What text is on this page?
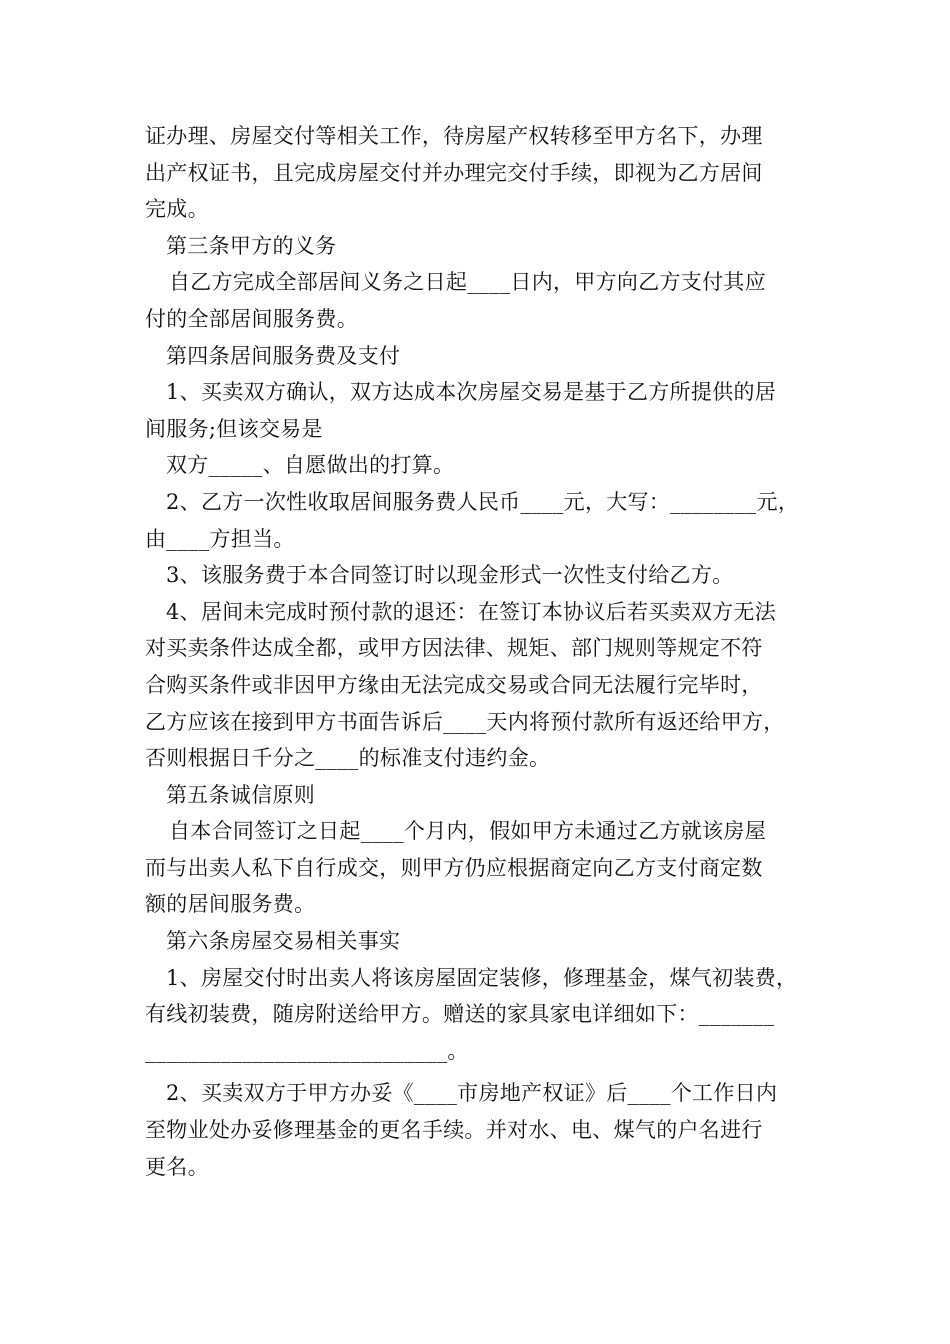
证办理、房屋交付等相关工作，待房屋产权转移至甲方名下，办理
出产权证书，且完成房屋交付并办理完交付手续，即视为乙方居间
完成。
第三条甲方的义务
自乙方完成全部居间义务之日起____日内，甲方向乙方支付其应
付的全部居间服务费。
第四条居间服务费及支付
1、买卖双方确认，双方达成本次房屋交易是基于乙方所提供的居
间服务;但该交易是
双方_____、自愿做出的打算。
2、乙方一次性收取居间服务费人民币____元，大写：________元，
由____方担当。
3、该服务费于本合同签订时以现金形式一次性支付给乙方。
4、居间未完成时预付款的退还：在签订本协议后若买卖双方无法
对买卖条件达成全都，或甲方因法律、规矩、部门规则等规定不符
合购买条件或非因甲方缘由无法完成交易或合同无法履行完毕时，
乙方应该在接到甲方书面告诉后____天内将预付款所有返还给甲方，
否则根据日千分之____的标准支付违约金。
第五条诚信原则
自本合同签订之日起____个月内，假如甲方未通过乙方就该房屋
而与出卖人私下自行成交，则甲方仍应根据商定向乙方支付商定数
额的居间服务费。
第六条房屋交易相关事实
1、房屋交付时出卖人将该房屋固定装修，修理基金，煤气初装费，
有线初装费，随房附送给甲方。赠送的家具家电详细如下：_______
____________________________。
2、买卖双方于甲方办妥《____市房地产权证》后____个工作日内
至物业处办妥修理基金的更名手续。并对水、电、煤气的户名进行
更名。
